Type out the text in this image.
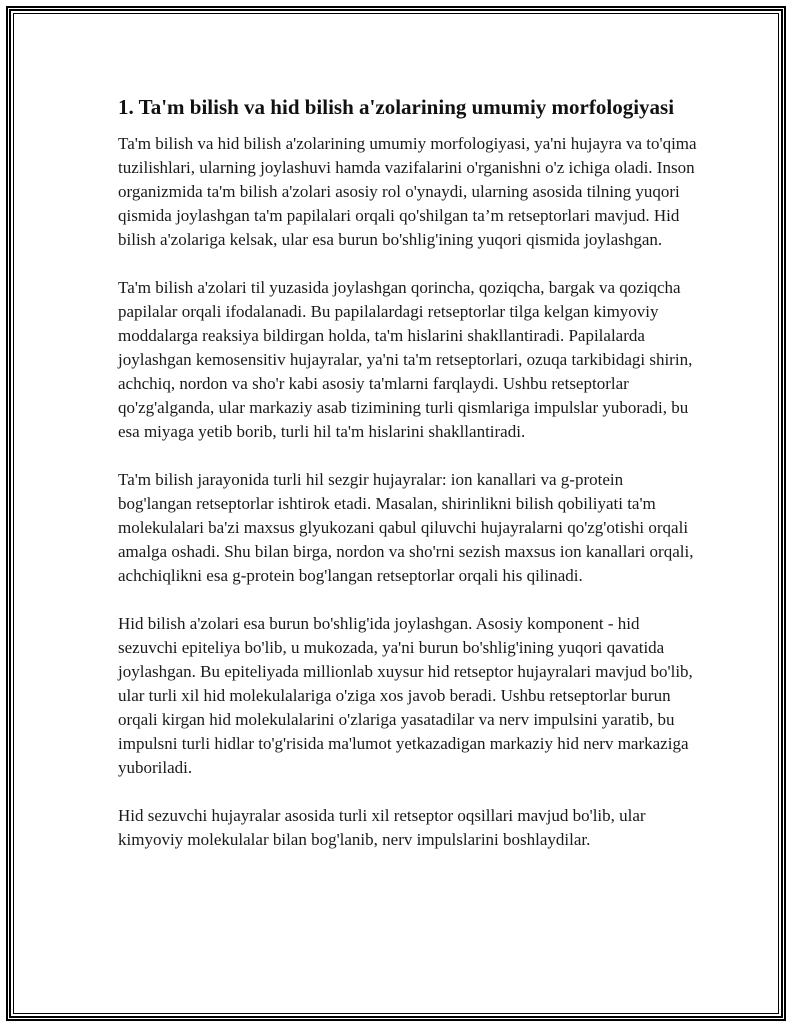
1. Ta'm bilish va hid bilish a'zolarining umumiy morfologiyasi

Ta'm bilish va hid bilish a'zolarining umumiy morfologiyasi, ya'ni hujayra va to'qima tuzilishlari, ularning joylashuvi hamda vazifalarini o'rganishni o'z ichiga oladi. Inson organizmida ta'm bilish a'zolari asosiy rol o'ynaydi, ularning asosida tilning yuqori qismida joylashgan ta'm papilalari orqali qo'shilgan ta’m retseptorlari mavjud. Hid bilish a'zolariga kelsak, ular esa burun bo'shlig'ining yuqori qismida joylashgan.

Ta'm bilish a'zolari til yuzasida joylashgan qorincha, qoziqcha, bargak va qoziqcha papilalar orqali ifodalanadi. Bu papilalardagi retseptorlar tilga kelgan kimyoviy moddalarga reaksiya bildirgan holda, ta'm hislarini shakllantiradi. Papilalarda joylashgan kemosensitiv hujayralar, ya'ni ta'm retseptorlari, ozuqa tarkibidagi shirin, achchiq, nordon va sho'r kabi asosiy ta'mlarni farqlaydi. Ushbu retseptorlar qo'zg'alganda, ular markaziy asab tizimining turli qismlariga impulslar yuboradi, bu esa miyaga yetib borib, turli hil ta'm hislarini shakllantiradi.

Ta'm bilish jarayonida turli hil sezgir hujayralar: ion kanallari va g-protein bog'langan retseptorlar ishtirok etadi. Masalan, shirinlikni bilish qobiliyati ta'm molekulalari ba'zi maxsus glyukozani qabul qiluvchi hujayralarni qo'zg'otishi orqali amalga oshadi. Shu bilan birga, nordon va sho'rni sezish maxsus ion kanallari orqali, achchiqlikni esa g-protein bog'langan retseptorlar orqali his qilinadi.

Hid bilish a'zolari esa burun bo'shlig'ida joylashgan. Asosiy komponent - hid sezuvchi epiteliya bo'lib, u mukozada, ya'ni burun bo'shlig'ining yuqori qavatida joylashgan. Bu epiteliyada millionlab xuysur hid retseptor hujayralari mavjud bo'lib, ular turli xil hid molekulalariga o'ziga xos javob beradi. Ushbu retseptorlar burun orqali kirgan hid molekulalarini o'zlariga yasatadilar va nerv impulsini yaratib, bu impulsni turli hidlar to'g'risida ma'lumot yetkazadigan markaziy hid nerv markaziga yuboriladi.

Hid sezuvchi hujayralar asosida turli xil retseptor oqsillari mavjud bo'lib, ular kimyoviy molekulalar bilan bog'lanib, nerv impulslarini boshlaydilar.
